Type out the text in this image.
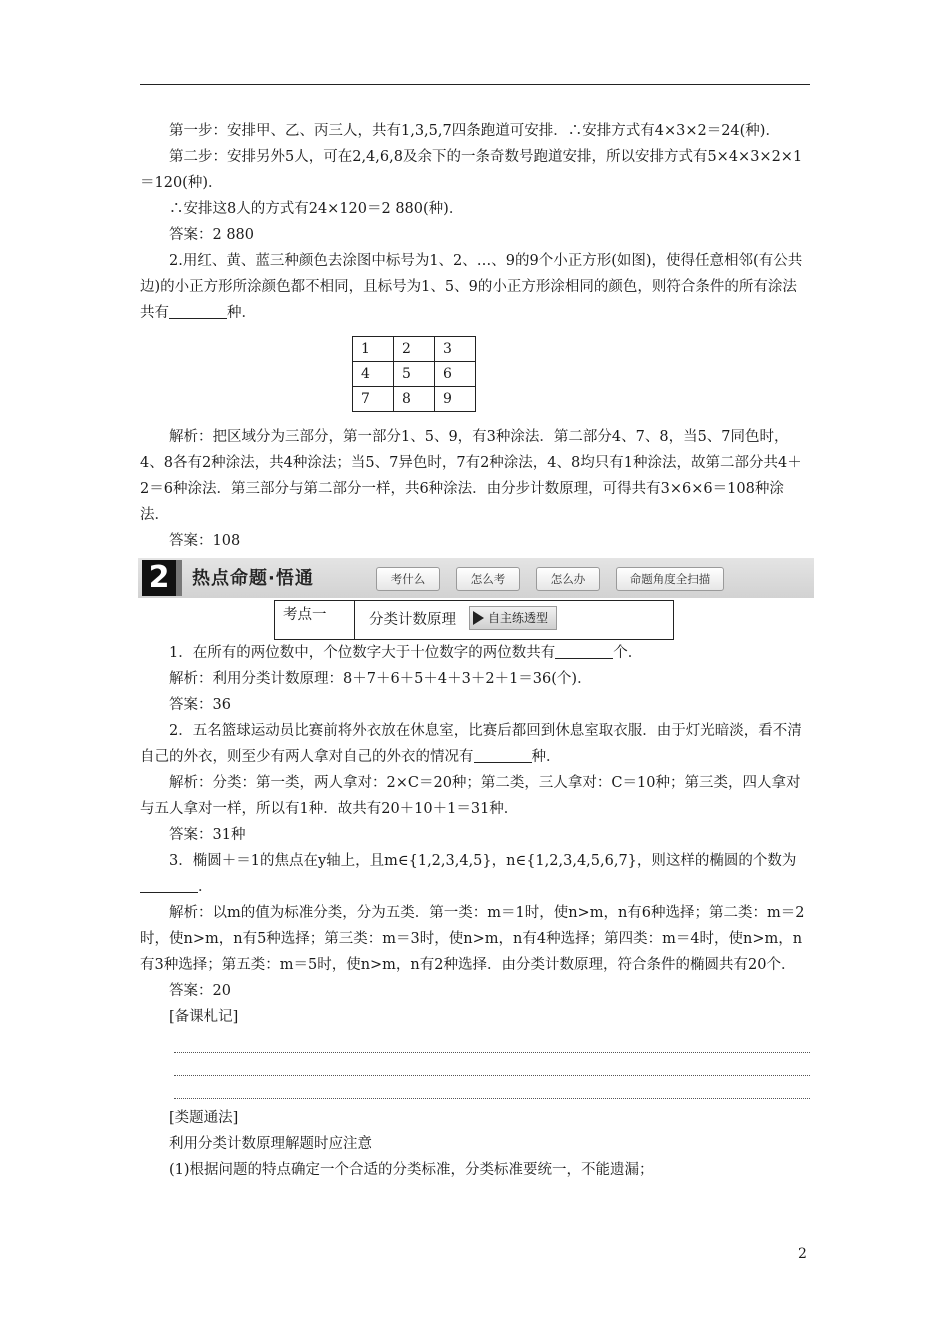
第一步：安排甲、乙、丙三人，共有1,3,5,7四条跑道可安排．∴安排方式有4×3×2＝24(种)．

第二步：安排另外5人，可在2,4,6,8及余下的一条奇数号跑道安排，所以安排方式有5×4×3×2×1＝120(种)．

∴安排这8人的方式有24×120＝2 880(种)．

答案：2 880

2.用红、黄、蓝三种颜色去涂图中标号为1、2、…、9的9个小正方形(如图)，使得任意相邻(有公共边)的小正方形所涂颜色都不相同，且标号为1、5、9的小正方形涂相同的颜色，则符合条件的所有涂法共有	种．

1	2	3
4	5	6
7	8	9

解析：把区域分为三部分，第一部分1、5、9，有3种涂法．第二部分4、7、8，当5、7同色时，4、8各有2种涂法，共4种涂法；当5、7异色时，7有2种涂法，4、8均只有1种涂法，故第二部分共4＋2＝6种涂法．第三部分与第二部分一样，共6种涂法．由分步计数原理，可得共有3×6×6＝108种涂法．

答案：108

2	热点命题·悟通	考什么	怎么考	怎么办	命题角度全扫描
考点一	分类计数原理	自主练透型

1．在所有的两位数中，个位数字大于十位数字的两位数共有	个．

解析：利用分类计数原理：8＋7＋6＋5＋4＋3＋2＋1＝36(个)．

答案：36

2．五名篮球运动员比赛前将外衣放在休息室，比赛后都回到休息室取衣服．由于灯光暗淡，看不清自己的外衣，则至少有两人拿对自己的外衣的情况有	种．

解析：分类：第一类，两人拿对：2×C＝20种；第二类，三人拿对：C＝10种；第三类，四人拿对与五人拿对一样，所以有1种．故共有20＋10＋1＝31种．

答案：31种

3．椭圆＋＝1的焦点在y轴上，且m∈{1,2,3,4,5}，n∈{1,2,3,4,5,6,7}，则这样的椭圆的个数为．

解析：以m的值为标准分类，分为五类．第一类：m＝1时，使n>m，n有6种选择；第二类：m＝2时，使n>m，n有5种选择；第三类：m＝3时，使n>m，n有4种选择；第四类：m＝4时，使n>m，n有3种选择；第五类：m＝5时，使n>m，n有2种选择．由分类计数原理，符合条件的椭圆共有20个．

答案：20

[备课札记]

[类题通法]

利用分类计数原理解题时应注意

(1)根据问题的特点确定一个合适的分类标准，分类标准要统一，不能遗漏；

2
